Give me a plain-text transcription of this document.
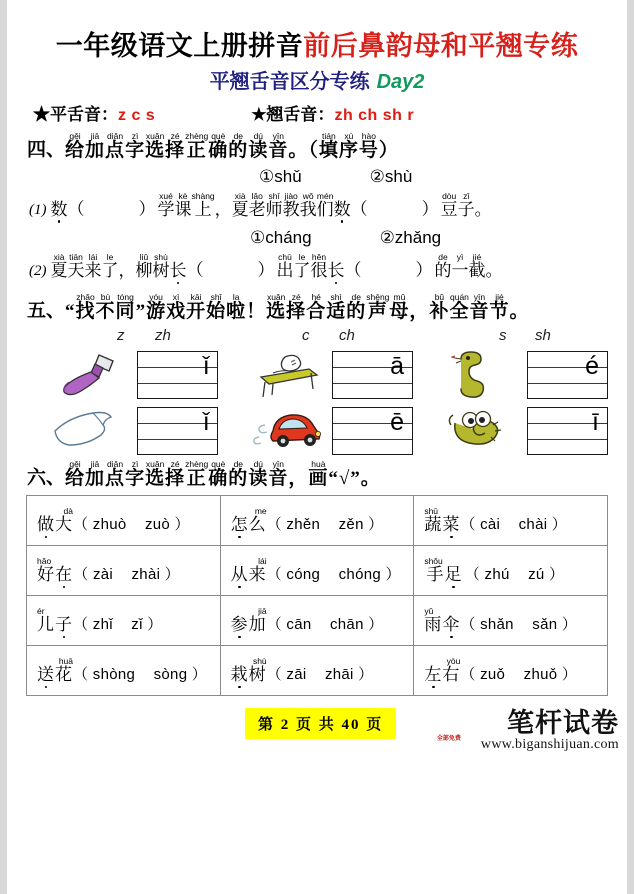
一年级语文上册拼音前后鼻韵母和平翘专练
平翘舌音区分专练 Day2
★平舌音：z c s	★翘舌音：zh ch sh r
四、
gěi
给
jiā
加
diǎn
点
zì
字
xuǎn
选
zé
择
zhèng
正
què
确
de
的
dú
读
yīn
音
。（
tián
填
xù
序
hào
号
）
①shǔ	②shù
(1)
数 （	）
xué
学
kè
课
shàng
上
，
xià
夏
lǎo
老
shī
师
jiào
教
wǒ
我
mén
们
数 （	）
dòu
豆
zǐ
子
。
①cháng	②zhǎng
(2)
xià
夏
tiān
天
lái
来
le
了
，
liǔ
柳
shù
树
长 （	）
chū
出
le
了
hěn
很
长 （	）
de
的
yì
一
jié
截
。
五、
“
zhǎo
找
bù
不
tóng
同
”
yóu
游
xì
戏
kāi
开
shǐ
始
la
啦
！
xuǎn
选
zé
择
hé
合
shì
适
de
的
shēng
声
mǔ
母
，
bǔ
补
quán
全
yīn
音
jié
节
。
z zh	c ch	s sh
ǐ
ǐ
ā
ē
é
ī
六、
gěi
给
jiā
加
diǎn
点
zì
字
xuǎn
选
zé
择
zhèng
正
què
确
de
的
dú
读
yīn
音
，
huà
画
“√”。
dà
做大 （ zhuò zuò ）	me
怎么 （ zhěn zěn ）	shū
蔬菜 （ cài chài ）

hǎo
好在 （ zài zhài ）	lái
从来 （ cóng chóng ）	shǒu
手足 （ zhú zú ）

ér
儿子 （ zhǐ zǐ ）	jiā
参加 （ cān chān ）	yǔ
雨伞 （ shǎn sǎn ）

huā
送花 （ shòng sòng ）	shù
栽树 （ zāi zhāi ）	yòu
左右 （ zuǒ zhuǒ ）
第 2 页 共 40 页	笔杆试卷
www.biganshijuan.com
全部免费
